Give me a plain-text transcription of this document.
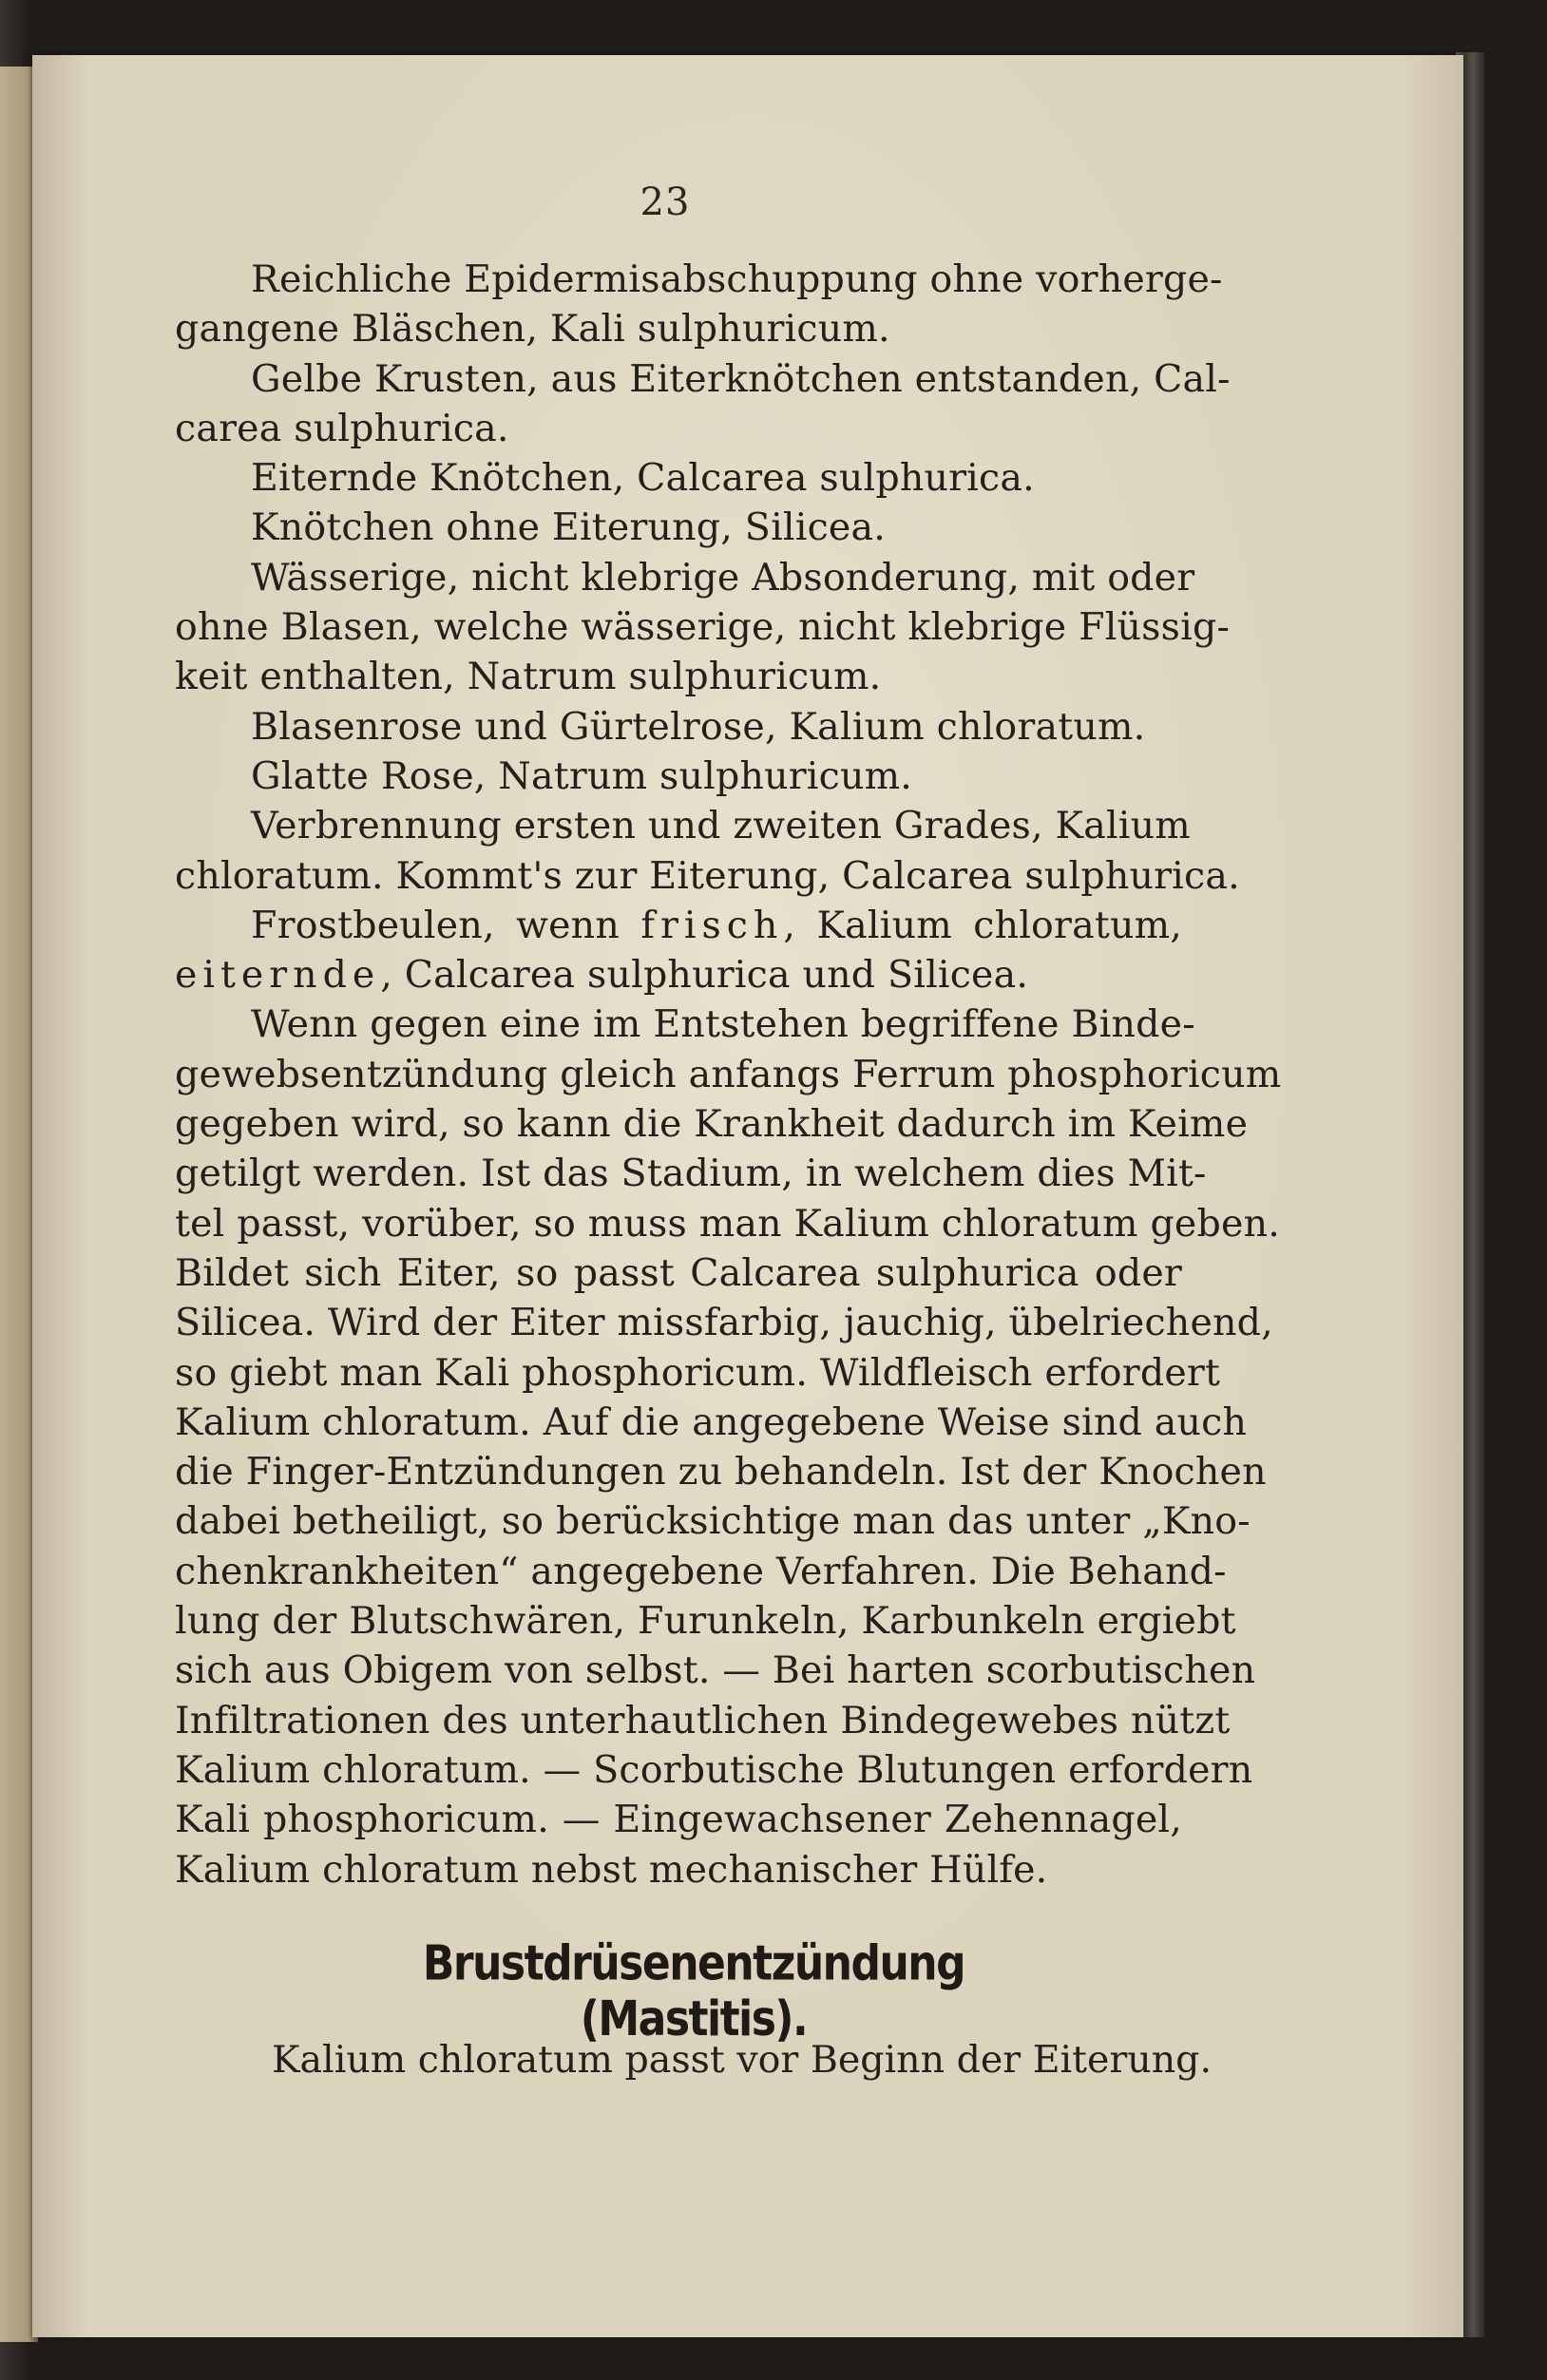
23
Reichliche Epidermisabschuppung ohne vorherge-
gangene Bläschen, Kali sulphuricum.
Gelbe Krusten, aus Eiterknötchen entstanden, Cal-
carea sulphurica.
Eiternde Knötchen, Calcarea sulphurica.
Knötchen ohne Eiterung, Silicea.
Wässerige, nicht klebrige Absonderung, mit oder
ohne Blasen, welche wässerige, nicht klebrige Flüssig-
keit enthalten, Natrum sulphuricum.
Blasenrose und Gürtelrose, Kalium chloratum.
Glatte Rose, Natrum sulphuricum.
Verbrennung ersten und zweiten Grades, Kalium
chloratum. Kommt's zur Eiterung, Calcarea sulphurica.
Frostbeulen, wenn frisch, Kalium chloratum,
eiternde, Calcarea sulphurica und Silicea.
Wenn gegen eine im Entstehen begriffene Binde-
gewebsentzündung gleich anfangs Ferrum phosphoricum
gegeben wird, so kann die Krankheit dadurch im Keime
getilgt werden. Ist das Stadium, in welchem dies Mit-
tel passt, vorüber, so muss man Kalium chloratum geben.
Bildet sich Eiter, so passt Calcarea sulphurica oder
Silicea. Wird der Eiter missfarbig, jauchig, übelriechend,
so giebt man Kali phosphoricum. Wildfleisch erfordert
Kalium chloratum. Auf die angegebene Weise sind auch
die Finger-Entzündungen zu behandeln. Ist der Knochen
dabei betheiligt, so berücksichtige man das unter „Kno-
chenkrankheiten“ angegebene Verfahren. Die Behand-
lung der Blutschwären, Furunkeln, Karbunkeln ergiebt
sich aus Obigem von selbst. — Bei harten scorbutischen
Infiltrationen des unterhautlichen Bindegewebes nützt
Kalium chloratum. — Scorbutische Blutungen erfordern
Kali phosphoricum. — Eingewachsener Zehennagel,
Kalium chloratum nebst mechanischer Hülfe.
Brustdrüsenentzündung (Mastitis).
Kalium chloratum passt vor Beginn der Eiterung.
